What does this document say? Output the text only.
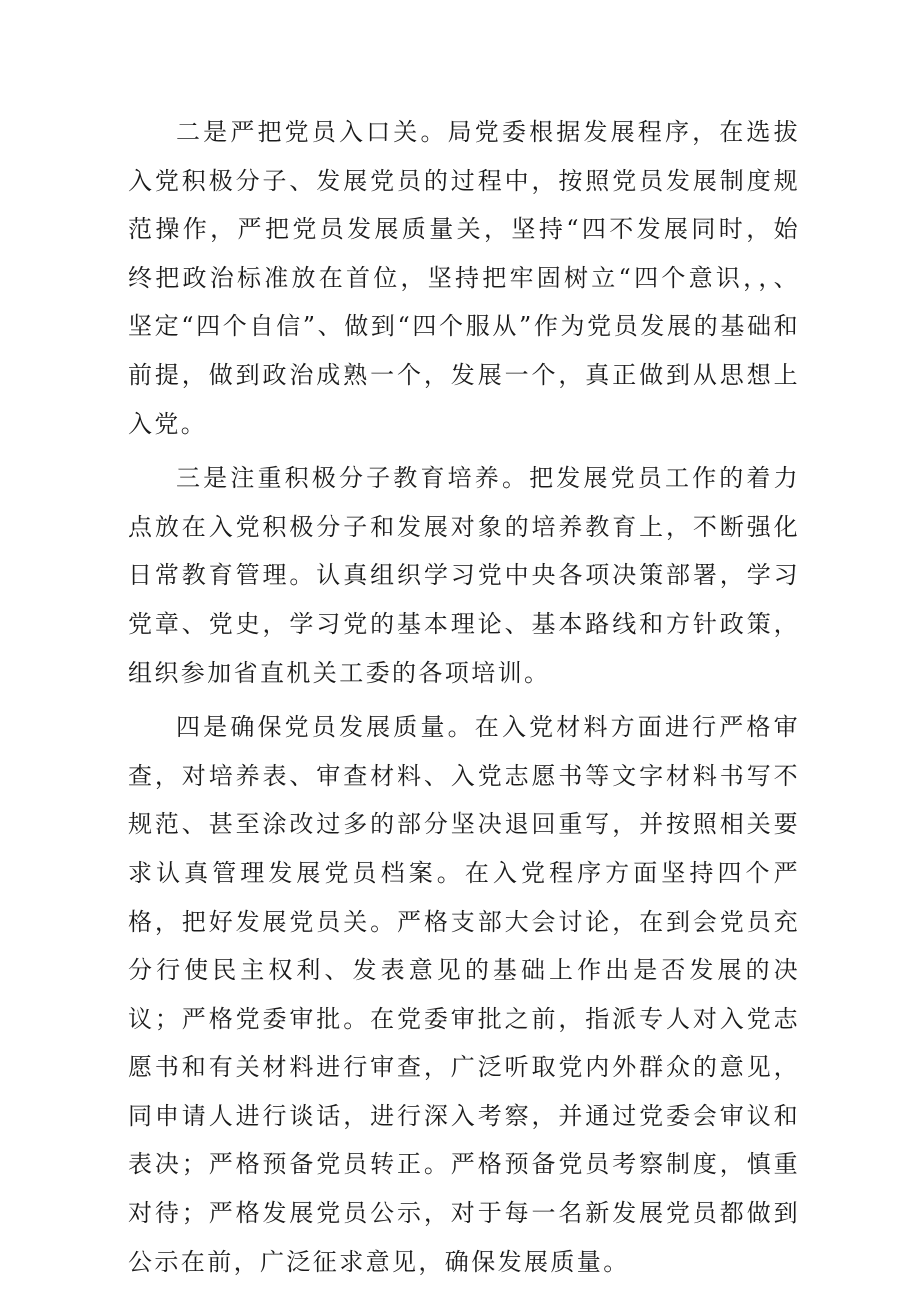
二是严把党员入口关。局党委根据发展程序，在选拔入党积极分子、发展党员的过程中，按照党员发展制度规范操作，严把党员发展质量关，坚持“四不发展同时，始终把政治标准放在首位，坚持把牢固树立“四个意识，，、坚定“四个自信”、做到“四个服从”作为党员发展的基础和前提，做到政治成熟一个，发展一个，真正做到从思想上入党。

三是注重积极分子教育培养。把发展党员工作的着力点放在入党积极分子和发展对象的培养教育上，不断强化日常教育管理。认真组织学习党中央各项决策部署，学习党章、党史，学习党的基本理论、基本路线和方针政策，组织参加省直机关工委的各项培训。

四是确保党员发展质量。在入党材料方面进行严格审查，对培养表、审查材料、入党志愿书等文字材料书写不规范、甚至涂改过多的部分坚决退回重写，并按照相关要求认真管理发展党员档案。在入党程序方面坚持四个严格，把好发展党员关。严格支部大会讨论，在到会党员充分行使民主权利、发表意见的基础上作出是否发展的决议；严格党委审批。在党委审批之前，指派专人对入党志愿书和有关材料进行审查，广泛听取党内外群众的意见，同申请人进行谈话，进行深入考察，并通过党委会审议和表决；严格预备党员转正。严格预备党员考察制度，慎重对待；严格发展党员公示，对于每一名新发展党员都做到公示在前，广泛征求意见，确保发展质量。
